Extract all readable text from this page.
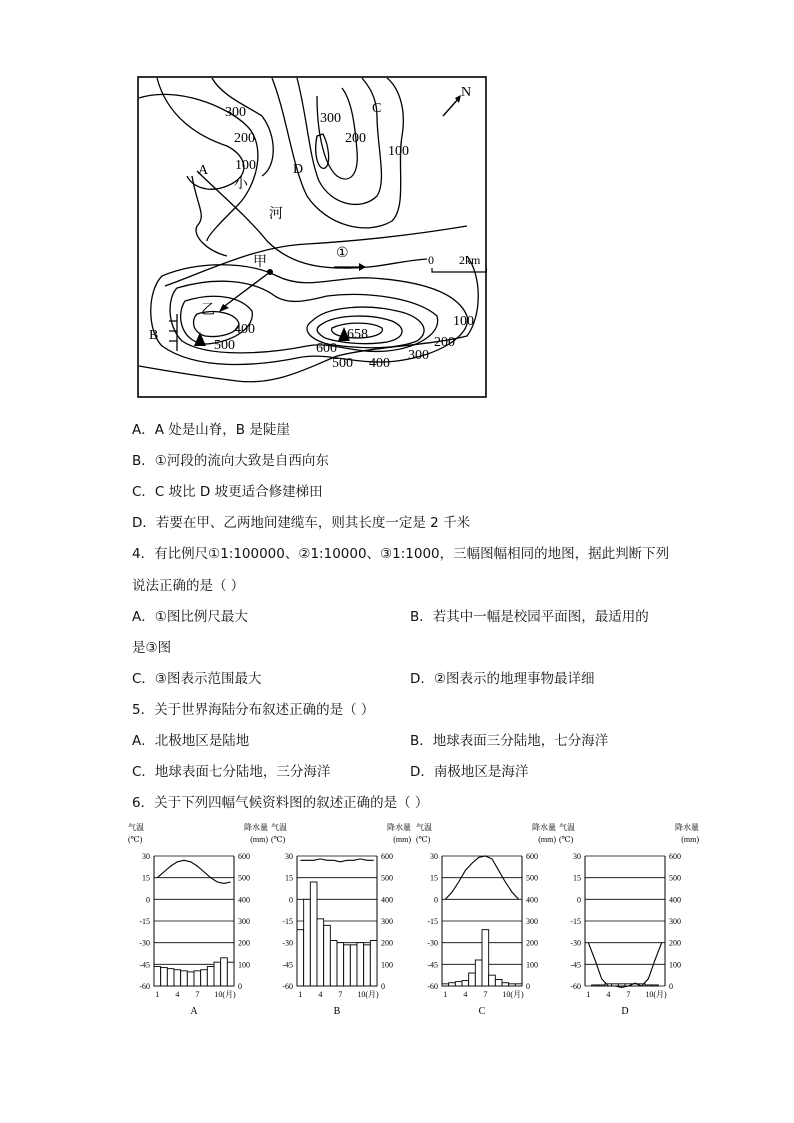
300
200
100
300
200
100
400
500
658
600
500 400
300
200
100
A
B
C
D
小
河
甲
乙
①
N
0 2km
A．A 处是山脊，B 是陡崖
B．①河段的流向大致是自西向东
C．C 坡比 D 坡更适合修建梯田
D．若要在甲、乙两地间建缆车，则其长度一定是 2 千米
4．有比例尺①1:100000、②1:10000、③1:1000，三幅图幅相同的地图，据此判断下列
说法正确的是（ ）
A．①图比例尺最大	B．若其中一幅是校园平面图，最适用的
是③图
C．③图表示范围最大	D．②图表示的地理事物最详细
5．关于世界海陆分布叙述正确的是（ ）
A．北极地区是陆地	B．地球表面三分陆地，七分海洋
C．地球表面七分陆地，三分海洋	D．南极地区是海洋
6．关于下列四幅气候资料图的叙述正确的是（ ）
气温
(℃)
降水量
(mm)
30	600
15	500
0	400
-15	300
-30	200
-45	100
-60	0
1 4 7 10(月)
A
气温
(℃)
降水量
(mm)
30	600
15	500
0	400
-15	300
-30	200
-45	100
-60	0
1 4 7 10(月)
B
气温
(℃)
降水量
(mm)
30	600
15	500
0	400
-15	300
-30	200
-45	100
-60	0
1 4 7 10(月)
C
气温
(℃)
降水量
(mm)
30	600
15	500
0	400
-15	300
-30	200
-45	100
-60	0
1 4 7 10(月)
D
